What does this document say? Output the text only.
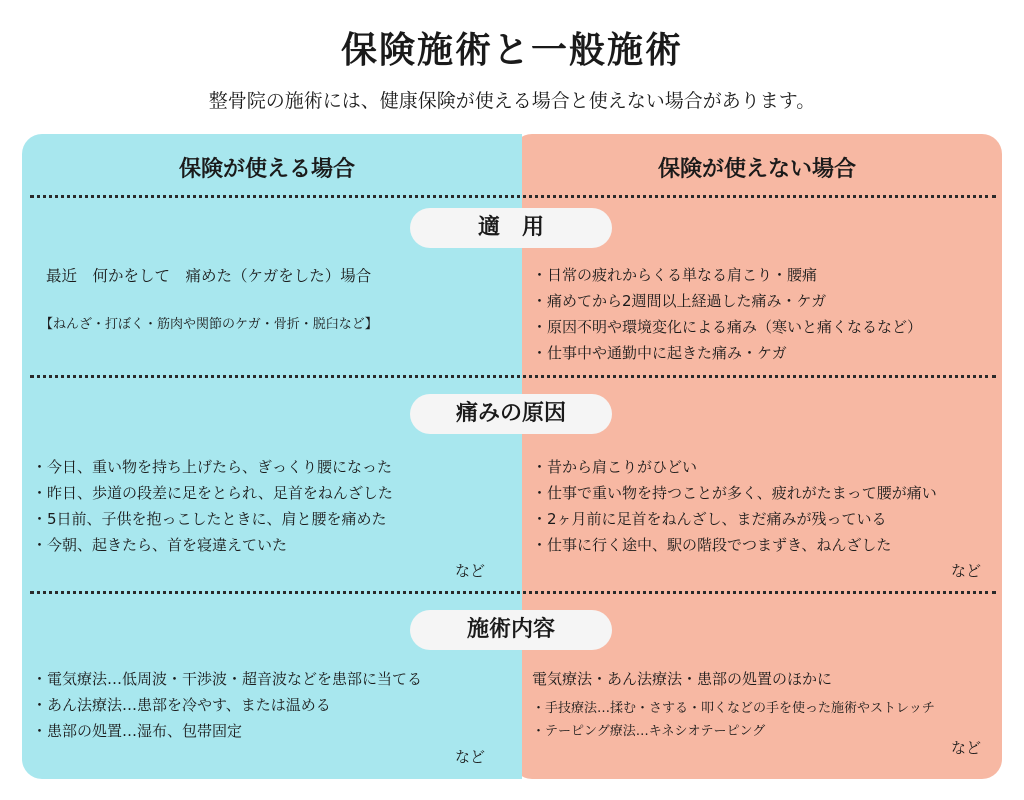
保険施術と一般施術

整骨院の施術には、健康保険が使える場合と使えない場合があります。

保険が使える場合	保険が使えない場合
適　用
最近　何かをして　痛めた（ケガをした）場合
【ねんざ・打ぼく・筋肉や関節のケガ・骨折・脱臼など】
・日常の疲れからくる単なる肩こり・腰痛
・痛めてから2週間以上経過した痛み・ケガ
・原因不明や環境変化による痛み（寒いと痛くなるなど）
・仕事中や通勤中に起きた痛み・ケガ
痛みの原因
・今日、重い物を持ち上げたら、ぎっくり腰になった
・昨日、歩道の段差に足をとられ、足首をねんざした
・5日前、子供を抱っこしたときに、肩と腰を痛めた
・今朝、起きたら、首を寝違えていた
など
・昔から肩こりがひどい
・仕事で重い物を持つことが多く、疲れがたまって腰が痛い
・2ヶ月前に足首をねんざし、まだ痛みが残っている
・仕事に行く途中、駅の階段でつまずき、ねんざした
など
施術内容
・電気療法…低周波・干渉波・超音波などを患部に当てる
・あん法療法…患部を冷やす、または温める
・患部の処置…湿布、包帯固定
など
電気療法・あん法療法・患部の処置のほかに
・手技療法…揉む・さする・叩くなどの手を使った施術やストレッチ
・テーピング療法…キネシオテーピング
など
